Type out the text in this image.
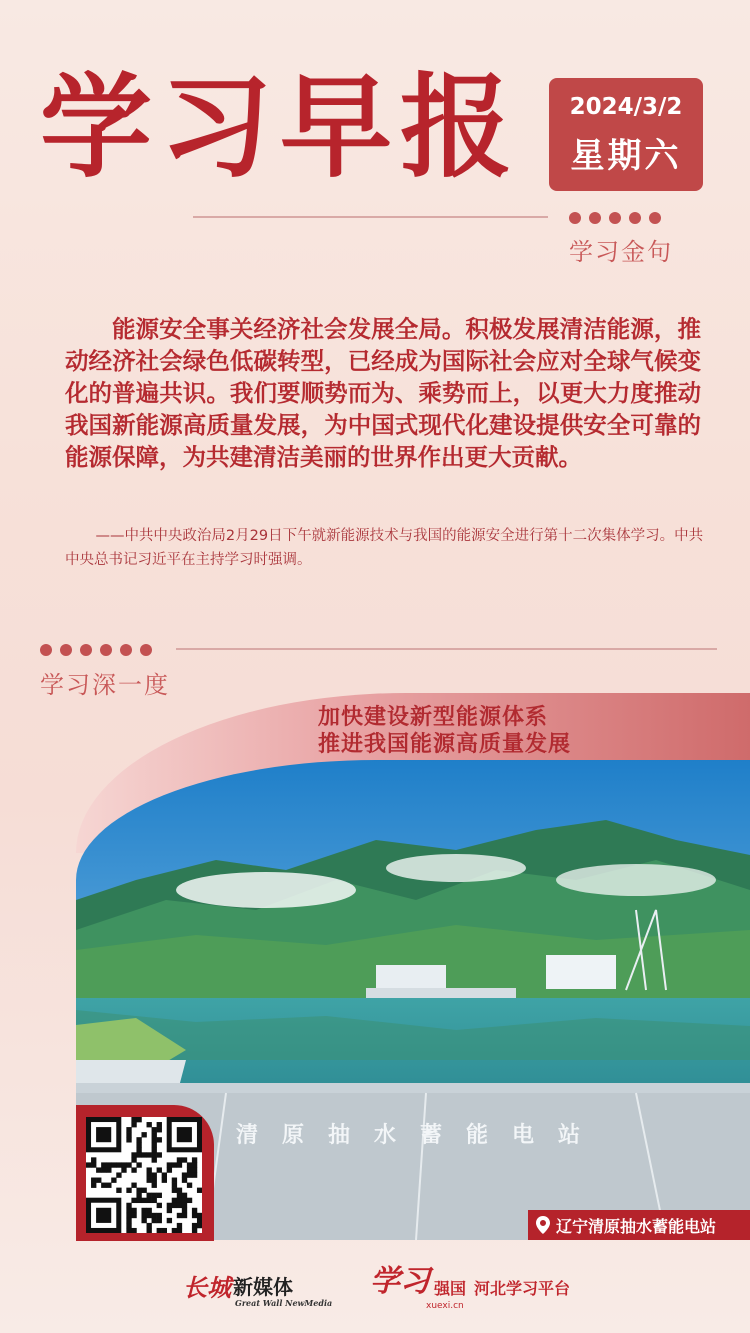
学习早报	2024/3/2
星期六
学习金句
能源安全事关经济社会发展全局。积极发展清洁能源，推动经济社会绿色低碳转型，已经成为国际社会应对全球气候变化的普遍共识。我们要顺势而为、乘势而上，以更大力度推动我国新能源高质量发展，为中国式现代化建设提供安全可靠的能源保障，为共建清洁美丽的世界作出更大贡献。
——中共中央政治局2月29日下午就新能源技术与我国的能源安全进行第十二次集体学习。中共中央总书记习近平在主持学习时强调。
学习深一度
加快建设新型能源体系
推进我国能源高质量发展
清原抽水蓄能电站
辽宁清原抽水蓄能电站
长城 新媒体
Great Wall NewMedia
学习 强国 河北学习平台
xuexi.cn
